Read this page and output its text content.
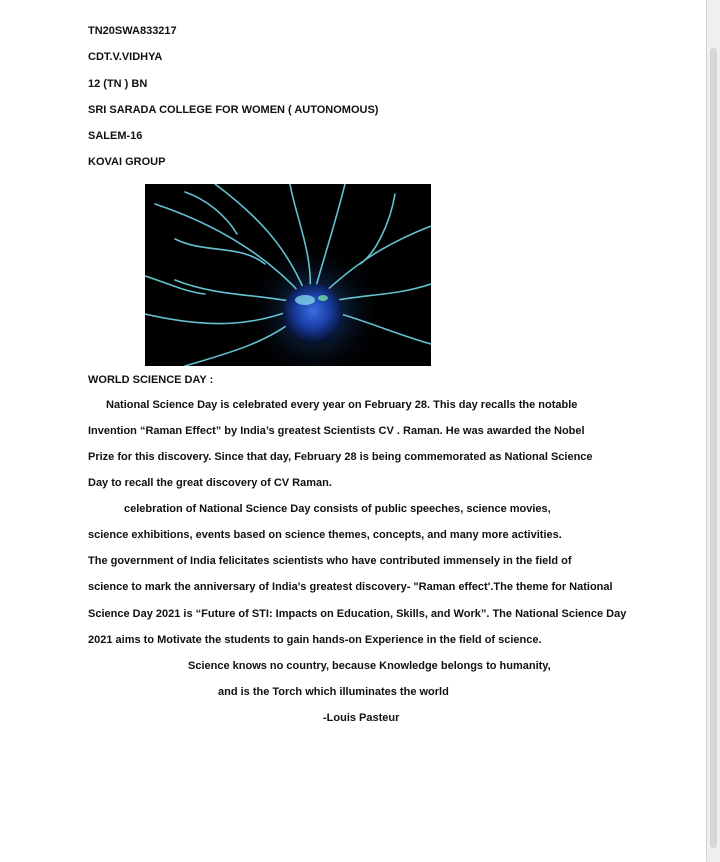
TN20SWA833217
CDT.V.VIDHYA
12 (TN ) BN
SRI SARADA COLLEGE FOR WOMEN ( AUTONOMOUS)
SALEM-16
KOVAI GROUP
WORLD SCIENCE DAY :
National Science Day is celebrated every year on February 28. This day recalls the notable
Invention “Raman Effect” by India’s greatest Scientists CV . Raman. He was awarded the Nobel
Prize for this discovery. Since that day, February 28 is being commemorated as National Science
Day to recall the great discovery of CV Raman.
celebration of National Science Day consists of public speeches, science movies,
science exhibitions, events based on science themes, concepts, and many more activities.
The government of India felicitates scientists who have contributed immensely in the field of
science to mark the anniversary of India's greatest discovery- "Raman effect'.The theme for National
Science Day 2021 is “Future of STI: Impacts on Education, Skills, and Work”. The National Science Day
2021 aims to Motivate the students to gain hands-on Experience in the field of science.
Science knows no country, because Knowledge belongs to humanity,
and is the Torch which illuminates the world
-Louis Pasteur
